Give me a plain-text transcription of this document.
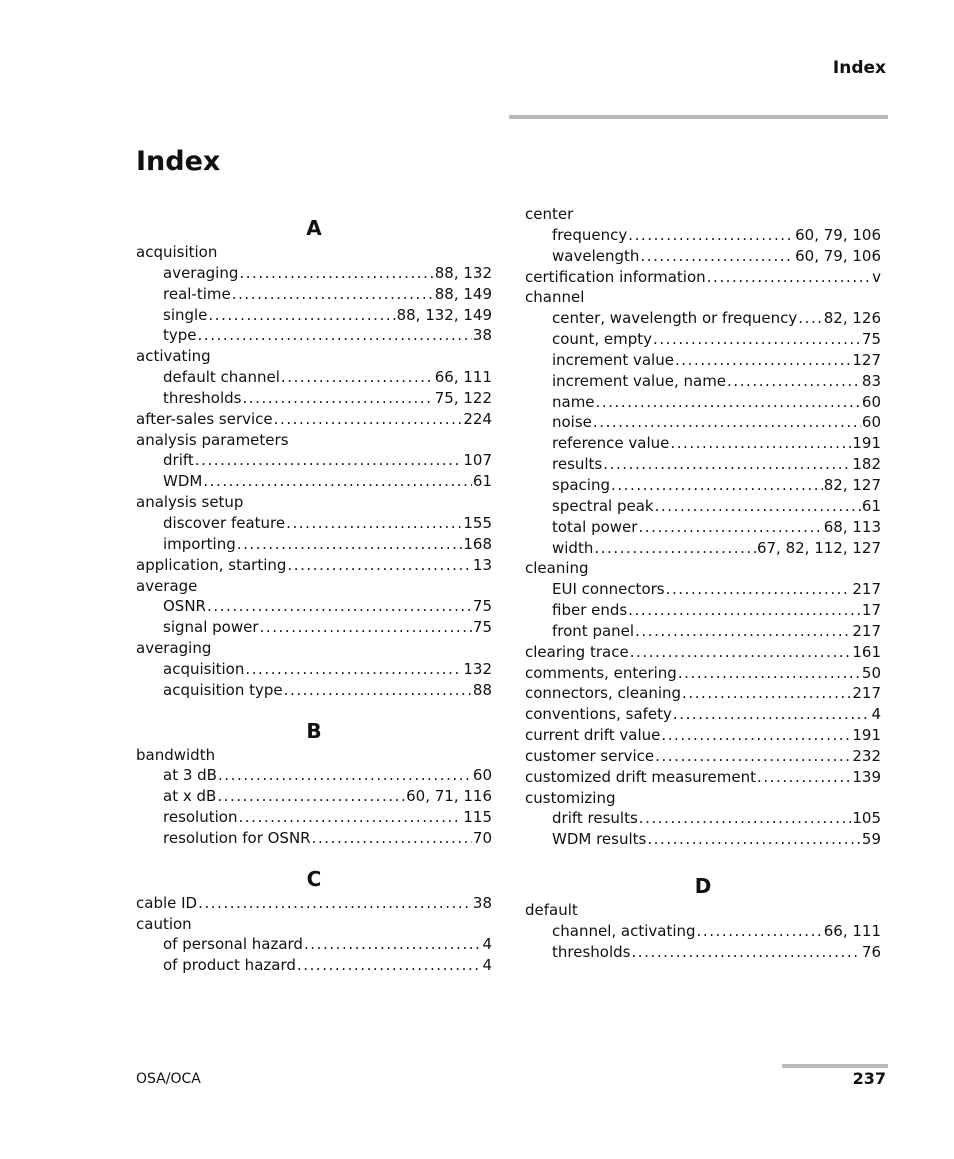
Index
Index
A
acquisition
averaging . . .	88, 132
real-time . . .	88, 149
single . . .	88, 132, 149
type . . .	38
activating
default channel . . .	66, 111
thresholds . . .	75, 122
after-sales service . . .	224
analysis parameters
drift . . .	107
WDM . . .	61
analysis setup
discover feature . . .	155
importing . . .	168
application, starting . . .	13
average
OSNR . . .	75
signal power . . .	75
averaging
acquisition . . .	132
acquisition type . . .	88
B
bandwidth
at 3 dB . . .	60
at x dB . . .	60, 71, 116
resolution . . .	115
resolution for OSNR . . .	70
C
cable ID . . .	38
caution
of personal hazard . . .	4
of product hazard . . .	4
center
frequency . . .	60, 79, 106
wavelength . . .	60, 79, 106
certification information . . .	v
channel
center, wavelength or frequency . . . 82, 126
count, empty . . .	75
increment value . . .	127
increment value, name . . .	83
name . . .	60
noise . . .	60
reference value . . .	191
results . . .	182
spacing . . .	82, 127
spectral peak . . .	61
total power . . .	68, 113
width . . .	67, 82, 112, 127
cleaning
EUI connectors . . .	217
fiber ends . . .	17
front panel . . .	217
clearing trace . . .	161
comments, entering . . .	50
connectors, cleaning . . .	217
conventions, safety . . .	4
current drift value . . .	191
customer service . . .	232
customized drift measurement . . .	139
customizing
drift results . . .	105
WDM results . . .	59
D
default
channel, activating . . .	66, 111
thresholds . . .	76
OSA/OCA	237
